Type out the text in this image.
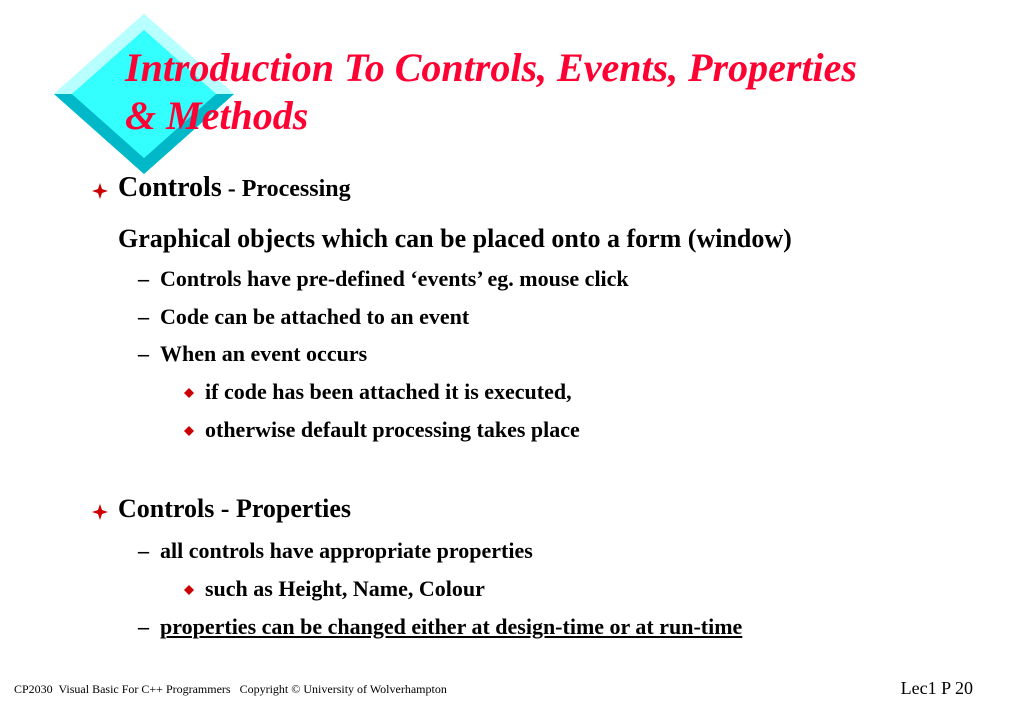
Introduction To Controls, Events, Properties
& Methods
Controls - Processing
Graphical objects which can be placed onto a form (window)
– Controls have pre-defined ‘events’ eg. mouse click
– Code can be attached to an event
– When an event occurs
if code has been attached it is executed,
otherwise default processing takes place
Controls - Properties
– all controls have appropriate properties
such as Height, Name, Colour
– properties can be changed either at design-time or at run-time
CP2030  Visual Basic For C++ Programmers   Copyright © University of Wolverhampton	Lec1 P 20
